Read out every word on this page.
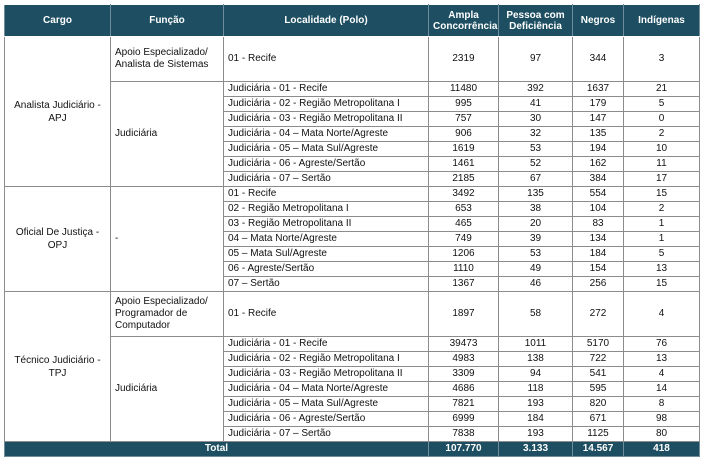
Cargo	Função	Localidade (Polo)	Ampla Concorrência	Pessoa com Deficiência	Negros	Indígenas
Analista Judiciário - APJ	Apoio Especializado/ Analista de Sistemas	01 - Recife	2319	97	344	3
	Judiciária	Judiciária - 01 - Recife	11480	392	1637	21
		Judiciária - 02 - Região Metropolitana I	995	41	179	5
		Judiciária - 03 - Região Metropolitana II	757	30	147	0
		Judiciária - 04 – Mata Norte/Agreste	906	32	135	2
		Judiciária - 05 – Mata Sul/Agreste	1619	53	194	10
		Judiciária - 06 - Agreste/Sertão	1461	52	162	11
		Judiciária - 07 – Sertão	2185	67	384	17
Oficial De Justiça - OPJ	-	01 - Recife	3492	135	554	15
		02 - Região Metropolitana I	653	38	104	2
		03 - Região Metropolitana II	465	20	83	1
		04 – Mata Norte/Agreste	749	39	134	1
		05 – Mata Sul/Agreste	1206	53	184	5
		06 - Agreste/Sertão	1110	49	154	13
		07 – Sertão	1367	46	256	15
Técnico Judiciário - TPJ	Apoio Especializado/ Programador de Computador	01 - Recife	1897	58	272	4
	Judiciária	Judiciária - 01 - Recife	39473	1011	5170	76
		Judiciária - 02 - Região Metropolitana I	4983	138	722	13
		Judiciária - 03 - Região Metropolitana II	3309	94	541	4
		Judiciária - 04 – Mata Norte/Agreste	4686	118	595	14
		Judiciária - 05 – Mata Sul/Agreste	7821	193	820	8
		Judiciária - 06 - Agreste/Sertão	6999	184	671	98
		Judiciária - 07 – Sertão	7838	193	1125	80
Total			107.770	3.133	14.567	418
